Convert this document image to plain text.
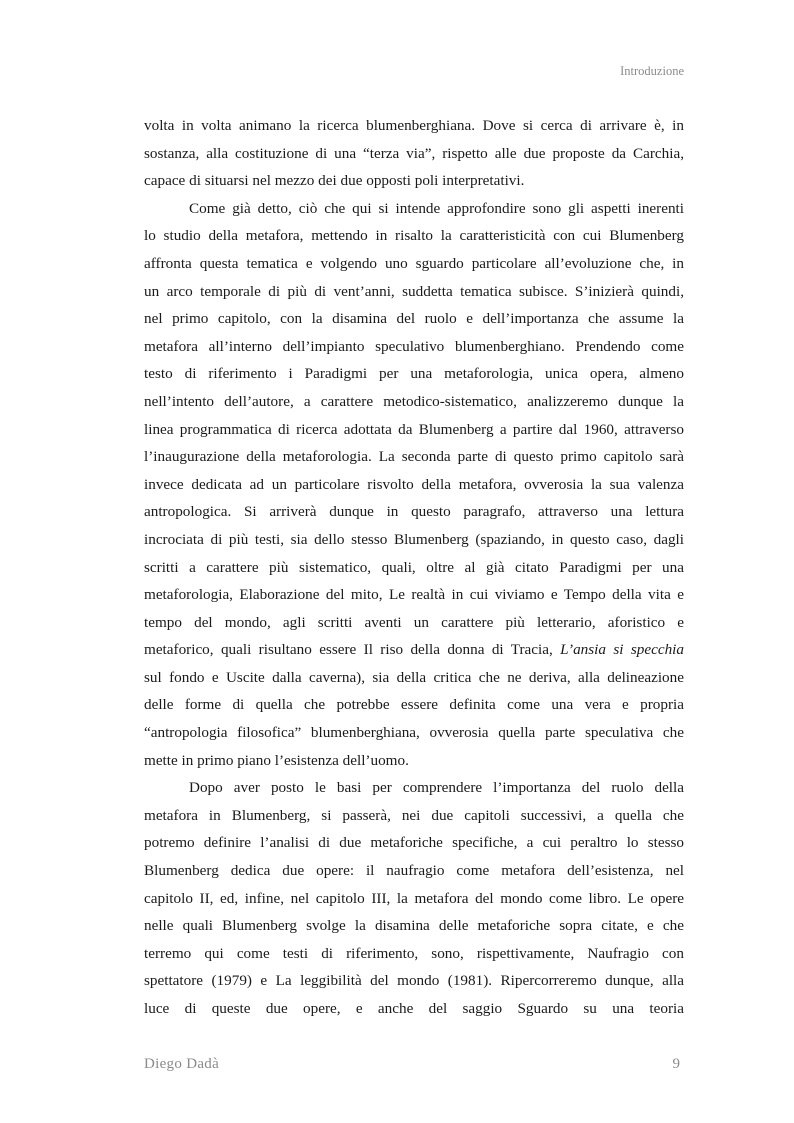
Introduzione
volta in volta animano la ricerca blumenberghiana. Dove si cerca di arrivare è, in
sostanza, alla costituzione di una “terza via”, rispetto alle due proposte da Carchia,
capace di situarsi nel mezzo dei due opposti poli interpretativi.
Come già detto, ciò che qui si intende approfondire sono gli aspetti inerenti
lo studio della metafora, mettendo in risalto la caratteristicità con cui Blumenberg
affronta questa tematica e volgendo uno sguardo particolare all’evoluzione che, in
un arco temporale di più di vent’anni, suddetta tematica subisce. S’inizierà quindi,
nel primo capitolo, con la disamina del ruolo e dell’importanza che assume la
metafora all’interno dell’impianto speculativo blumenberghiano. Prendendo come
testo di riferimento i Paradigmi per una metaforologia, unica opera, almeno
nell’intento dell’autore, a carattere metodico-sistematico, analizzeremo dunque la
linea programmatica di ricerca adottata da Blumenberg a partire dal 1960, attraverso
l’inaugurazione della metaforologia. La seconda parte di questo primo capitolo sarà
invece dedicata ad un particolare risvolto della metafora, ovverosia la sua valenza
antropologica. Si arriverà dunque in questo paragrafo, attraverso una lettura
incrociata di più testi, sia dello stesso Blumenberg (spaziando, in questo caso, dagli
scritti a carattere più sistematico, quali, oltre al già citato Paradigmi per una
metaforologia, Elaborazione del mito, Le realtà in cui viviamo e Tempo della vita e
tempo del mondo, agli scritti aventi un carattere più letterario, aforistico e
metaforico, quali risultano essere Il riso della donna di Tracia, L’ansia si specchia
sul fondo e Uscite dalla caverna), sia della critica che ne deriva, alla delineazione
delle forme di quella che potrebbe essere definita come una vera e propria
“antropologia filosofica” blumenberghiana, ovverosia quella parte speculativa che
mette in primo piano l’esistenza dell’uomo.
Dopo aver posto le basi per comprendere l’importanza del ruolo della
metafora in Blumenberg, si passerà, nei due capitoli successivi, a quella che
potremo definire l’analisi di due metaforiche specifiche, a cui peraltro lo stesso
Blumenberg dedica due opere: il naufragio come metafora dell’esistenza, nel
capitolo II, ed, infine, nel capitolo III, la metafora del mondo come libro. Le opere
nelle quali Blumenberg svolge la disamina delle metaforiche sopra citate, e che
terremo qui come testi di riferimento, sono, rispettivamente, Naufragio con
spettatore (1979) e La leggibilità del mondo (1981). Ripercorreremo dunque, alla
luce di queste due opere, e anche del saggio Sguardo su una teoria
Diego Dadà	9
